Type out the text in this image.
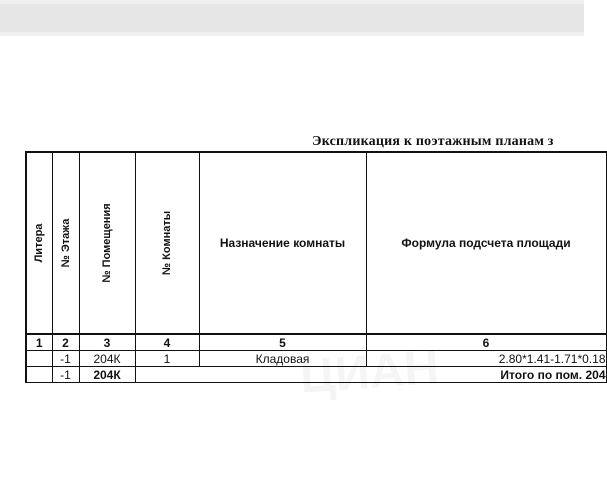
Экспликация к поэтажным планам з
Литера	№ Этажа	№ Помещения	№ Комнаты	Назначение комнаты	Формула подсчета площади
1	2	3	4	5	6
	-1	204К	1	Кладовая	2.80*1.41-1.71*0.18
	-1	204К	Итого по пом. 204		
